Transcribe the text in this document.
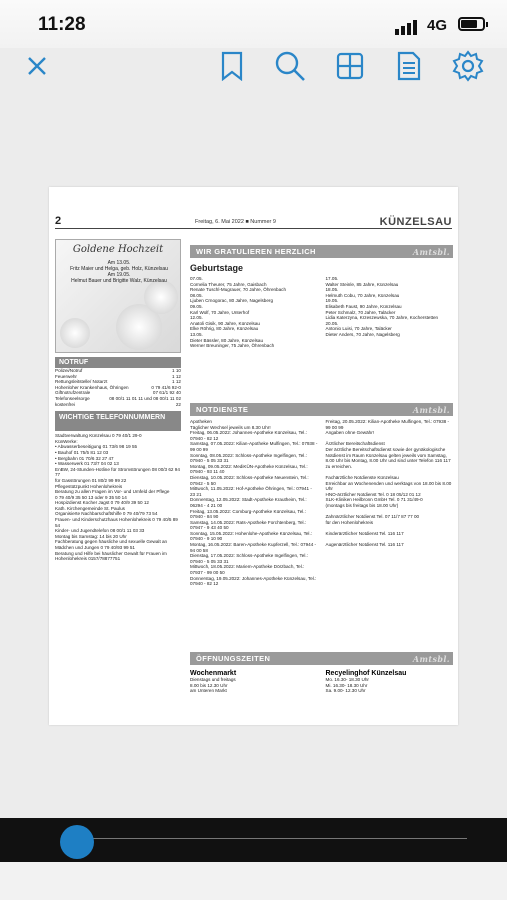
11:28	4G
2	Freitag, 6. Mai 2022 ■ Nummer 9	KÜNZELSAU
Goldene Hochzeit
Am 13.05.
Fritz Maier und Helga, geb. Holz, Künzelsau
Am 19.05.
Helmut Bauer und Brigitte Walz, Künzelsau
NOTRUF
Polizei/Notruf	1 10
Feuerwehr	1 12
Rettungsleitstelle/ Notarzt	1 12
Hohenloher Krankenhaus, Öhringen	0 79 41/6 92-0
Giftnotrufzentrale	07 61/1 92 40
Telefonseelsorge kostenfrei
08 00/1 11 01 11 und 08 00/1 11 02 22
WICHTIGE TELEFONNUMMERN
Stadtverwaltung Künzelsau 0 79 40/1 29-0
KünWerke:
• Abwasserbeseitigung 01 73/6 98 19 55
• Bauhof 01 75/5 81 12 03
• Bergbahn 01 70/6 32 27 47
• Wasserwerk 01 73/7 04 02 13
EnBW, 24-Stunden-Hotline für Stromstörungen 08 00/3 62 94 77
für Gasstörungen 01 80/2 99 99 22
Pflegestützpunkt Hohenlohekreis
Beratung zu allen Fragen im Vor- und Umfeld der Pflege
0 79 40/9 35 50 13 oder 9 35 50 14
Hospizdienst Kocher Jagst 0 79 40/9 39 50 12
Kath. Kirchengemeinde St. Paulus
Organisierte Nachbarschaftshilfe 0 79 40/79 73 54
Frauen- und Kinderschutzhaus Hohenlohekreis 0 79 40/5 89 54
Kinder- und Jugendtelefon 08 00/1 11 03 33
Montag bis Samstag: 14 bis 20 Uhr
Fachberatung gegen häusliche und sexuelle Gewalt an Mädchen und Jungen 0 79 40/93 99 51
Beratung und Hilfe bei häuslicher Gewalt für Frauen im Hohenlohekreis 0157/78877751
WIR GRATULIEREN HERZLICH	Amtsbl.
Geburtstage
07.05.
Cornelia Theurer, 75 Jahre, Gaisbach
Renate Tuschl-Mugrauer, 70 Jahre, Öhrenbach
08.05.
Ljuben Crnogorac, 80 Jahre, Nagelsberg
09.05.
Karl Wolf, 70 Jahre, Unterhof
12.05.
Anatoli Gisik, 90 Jahre, Künzelsau
Elke Röhrig, 80 Jahre, Künzelsau
13.05.
Dieter Bässler, 80 Jahre, Künzelsau
Werner Breuninger, 75 Jahre, Öhrenbach
17.05.
Walter Steinle, 85 Jahre, Künzelsau
18.05.
Helmuth Cobu, 70 Jahre, Künzelsau
19.05.
Elisabeth Faust, 90 Jahre, Künzelsau
Peter Schmalz, 70 Jahre, Taläcker
Lidia Katerzyna, Krzeszewska, 70 Jahre, Kocherstetten
20.05.
Antonio Luisi, 70 Jahre, Taläcker
Dieter Anders, 70 Jahre, Nagelsberg
NOTDIENSTE	Amtsbl.
Apotheken
Täglicher Wechsel jeweils um 8.30 Uhr!
Freitag, 06.05.2022: Johannes-Apotheke Künzelsau, Tel.: 07940 - 82 12
Samstag, 07.05.2022: Kilian-Apotheke Mulfingen, Tel.: 07938 - 99 00 99
Sonntag, 08.05.2022: Schloss-Apotheke Ingelfingen, Tel.: 07940 - 5 05 33 31
Montag, 09.05.2022: MediKÜN-Apotheke Künzelsau, Tel.: 07940 - 93 11 40
Dienstag, 10.05.2022: Schloss-Apotheke Neuenstein, Tel.: 07942 - 5 50
Mittwoch, 11.05.2022: Hof-Apotheke Öhringen, Tel.: 07941 - 23 21
Donnerstag, 12.05.2022: Stadt-Apotheke Krautheim, Tel.: 06294 - 4 21 00
Freitag, 13.05.2022: Comburg-Apotheke Künzelsau, Tel.: 07940 - 84 90
Samstag, 14.05.2022: Rats-Apotheke Forchtenberg, Tel.: 07947 - 9 43 40 50
Sonntag, 15.05.2022: Hohenlohe-Apotheke Künzelsau, Tel.: 07940 - 9 10 90
Montag, 16.05.2022: Baren-Apotheke Kupferzell, Tel.: 07944 - 94 00 58
Dienstag, 17.05.2022: Schloss-Apotheke Ingelfingen, Tel.: 07940 - 5 05 33 31
Mittwoch, 18.05.2022: Mariem-Apotheke Dörzbach, Tel.: 07937 - 99 00 50
Donnerstag, 19.05.2022: Johannes-Apotheke Künzelsau, Tel.: 07940 - 82 12
Freitag, 20.05.2022: Kilian-Apotheke Mulfingen, Tel.: 07938 - 99 00 99
Angaben ohne Gewähr!

Ärztlicher Bereitschaftsdienst
Der ärztliche Bereitschaftsdienst sowie der gynäkologische Notdienst im Raum Künzelsau gelten jeweils vom Samstag, 8.00 Uhr bis Montag, 8.00 Uhr und sind unter Telefon 116 117 zu erreichen.

Fachärztliche Notdienste Künzelsau
Erreichbar an Wochenenden und werktags von 18.00 bis 8.00 Uhr
HNO-ärztlicher Notdienst Tel. 0 18 05/12 01 12
SLK-Kliniken Heilbronn GmbH Tel. 0 71 31/49-0
(montags bis freitags bis 18.00 Uhr)

Zahnärztlicher Notdienst Tel. 07 11/7 87 77 00
für den Hohenlohekreis

Kinderärztlicher Notdienst Tel. 116 117

Augenärztlicher Notdienst Tel. 116 117
ÖFFNUNGSZEITEN	Amtsbl.
Wochenmarkt
Dienstags und freitags
8.00 bis 12.30 Uhr
am Unteren Markt
Recyelinghof Künzelsau
Mo. 16.30- 18.30 Uhr
Mi. 16.30- 18.30 Uhr
Sa. 9.00- 12.30 Uhr
